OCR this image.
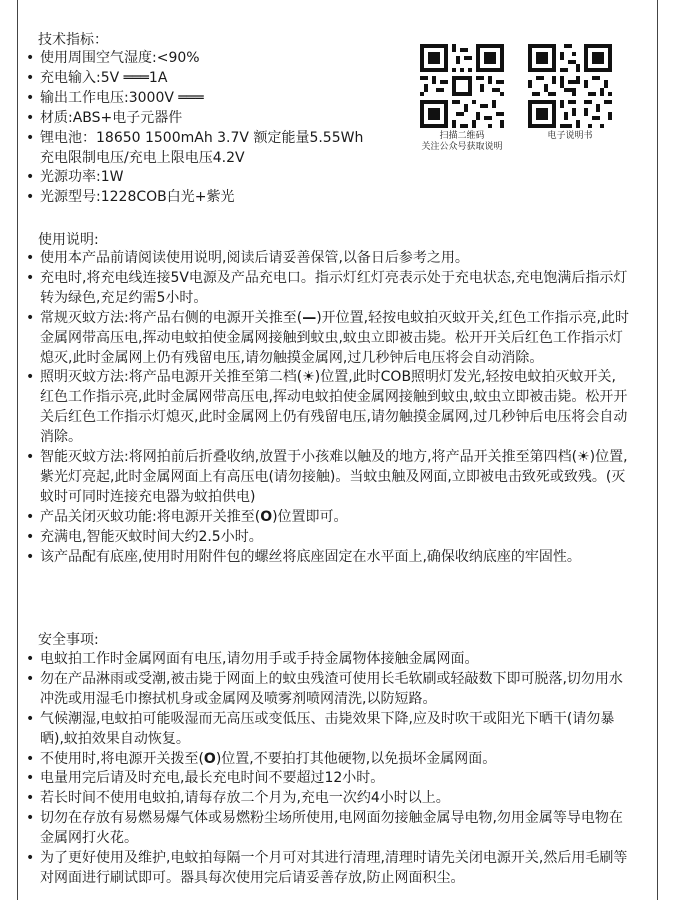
技术指标：
• 使用周围空气湿度:<90%
• 充电输入:5V ═══1A
• 输出工作电压:3000V ═══
• 材质:ABS+电子元器件
• 锂电池：18650 1500mAh 3.7V 额定能量5.55Wh
充电限制电压/充电上限电压4.2V
• 光源功率:1W
• 光源型号:1228COB白光+紫光
扫描二维码
关注公众号获取说明
电子说明书
使用说明:
• 使用本产品前请阅读使用说明,阅读后请妥善保管,以备日后参考之用。
• 充电时,将充电线连接5V电源及产品充电口。指示灯红灯亮表示处于充电状态,充电饱满后指示灯转为绿色,充足约需5小时。
• 常规灭蚊方法:将产品右侧的电源开关推至(—)开位置,轻按电蚊拍灭蚊开关,红色工作指示亮,此时金属网带高压电,挥动电蚊拍使金属网接触到蚊虫,蚊虫立即被击毙。松开开关后红色工作指示灯熄灭,此时金属网上仍有残留电压,请勿触摸金属网,过几秒钟后电压将会自动消除。
• 照明灭蚊方法:将产品电源开关推至第二档(☀)位置,此时COB照明灯发光,轻按电蚊拍灭蚊开关,红色工作指示亮,此时金属网带高压电,挥动电蚊拍使金属网接触到蚊虫,蚊虫立即被击毙。松开开关后红色工作指示灯熄灭,此时金属网上仍有残留电压,请勿触摸金属网,过几秒钟后电压将会自动消除。
• 智能灭蚊方法:将网拍前后折叠收纳,放置于小孩难以触及的地方,将产品开关推至第四档(☀)位置,紫光灯亮起,此时金属网面上有高压电(请勿接触)。当蚊虫触及网面,立即被电击致死或致残。(灭蚊时可同时连接充电器为蚊拍供电)
• 产品关闭灭蚊功能:将电源开关推至(O)位置即可。
• 充满电,智能灭蚊时间大约2.5小时。
• 该产品配有底座,使用时用附件包的螺丝将底座固定在水平面上,确保收纳底座的牢固性。
安全事项:
• 电蚊拍工作时金属网面有电压,请勿用手或手持金属物体接触金属网面。
• 勿在产品淋雨或受潮,被击毙于网面上的蚊虫残渣可使用长毛软刷或轻敲数下即可脱落,切勿用水冲洗或用湿毛巾擦拭机身或金属网及喷雾剂喷网清洗,以防短路。
• 气候潮湿,电蚊拍可能吸湿而无高压或变低压、击毙效果下降,应及时吹干或阳光下晒干(请勿暴晒),蚊拍效果自动恢复。
• 不使用时,将电源开关拨至(O)位置,不要拍打其他硬物,以免损坏金属网面。
• 电量用完后请及时充电,最长充电时间不要超过12小时。
• 若长时间不使用电蚊拍,请每存放二个月为,充电一次约4小时以上。
• 切勿在存放有易燃易爆气体或易燃粉尘场所使用,电网面勿接触金属导电物,勿用金属等导电物在金属网打火花。
• 为了更好使用及维护,电蚊拍每隔一个月可对其进行清理,清理时请先关闭电源开关,然后用毛刷等对网面进行刷试即可。器具每次使用完后请妥善存放,防止网面积尘。
